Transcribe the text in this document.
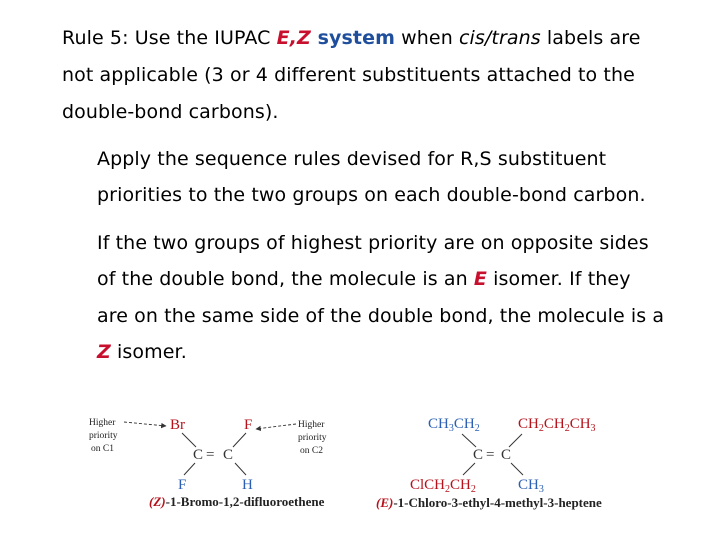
Rule 5: Use the IUPAC E,Z system when cis/trans labels are
not applicable (3 or 4 different substituents attached to the
double-bond carbons).
Apply the sequence rules devised for R,S substituent
priorities to the two groups on each double-bond carbon.
If the two groups of highest priority are on opposite sides
of the double bond, the molecule is an E isomer. If they
are on the same side of the double bond, the molecule is a
Z isomer.
Higher priority on C1
Br	F	Higher priority on C2
C = C
F	H
(Z)-1-Bromo-1,2-difluoroethene
$CH_3CH_2$	$CH_2CH_2CH_3$
C = C
$ClCH_2CH_2$	$CH_3$
(E)-1-Chloro-3-ethyl-4-methyl-3-heptene
